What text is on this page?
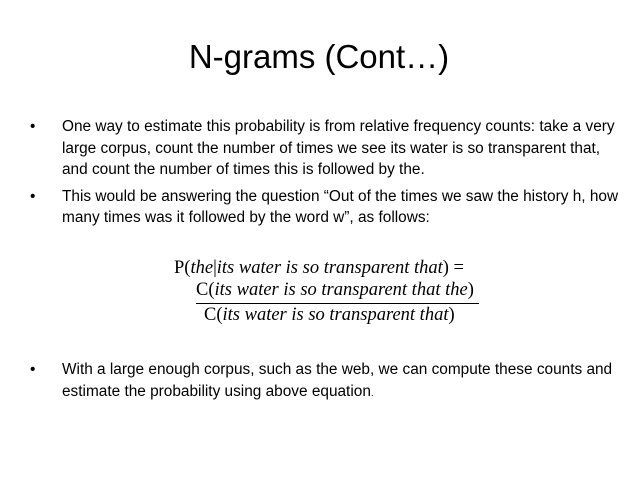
N-grams (Cont…)
• One way to estimate this probability is from relative frequency counts: take a very large corpus, count the number of times we see its water is so transparent that, and count the number of times this is followed by the.
• This would be answering the question “Out of the times we saw the history h, how many times was it followed by the word w”, as follows:
P(the|its water is so transparent that) =
C(its water is so transparent that the)
C(its water is so transparent that)
• With a large enough corpus, such as the web, we can compute these counts and estimate the probability using above equation.
